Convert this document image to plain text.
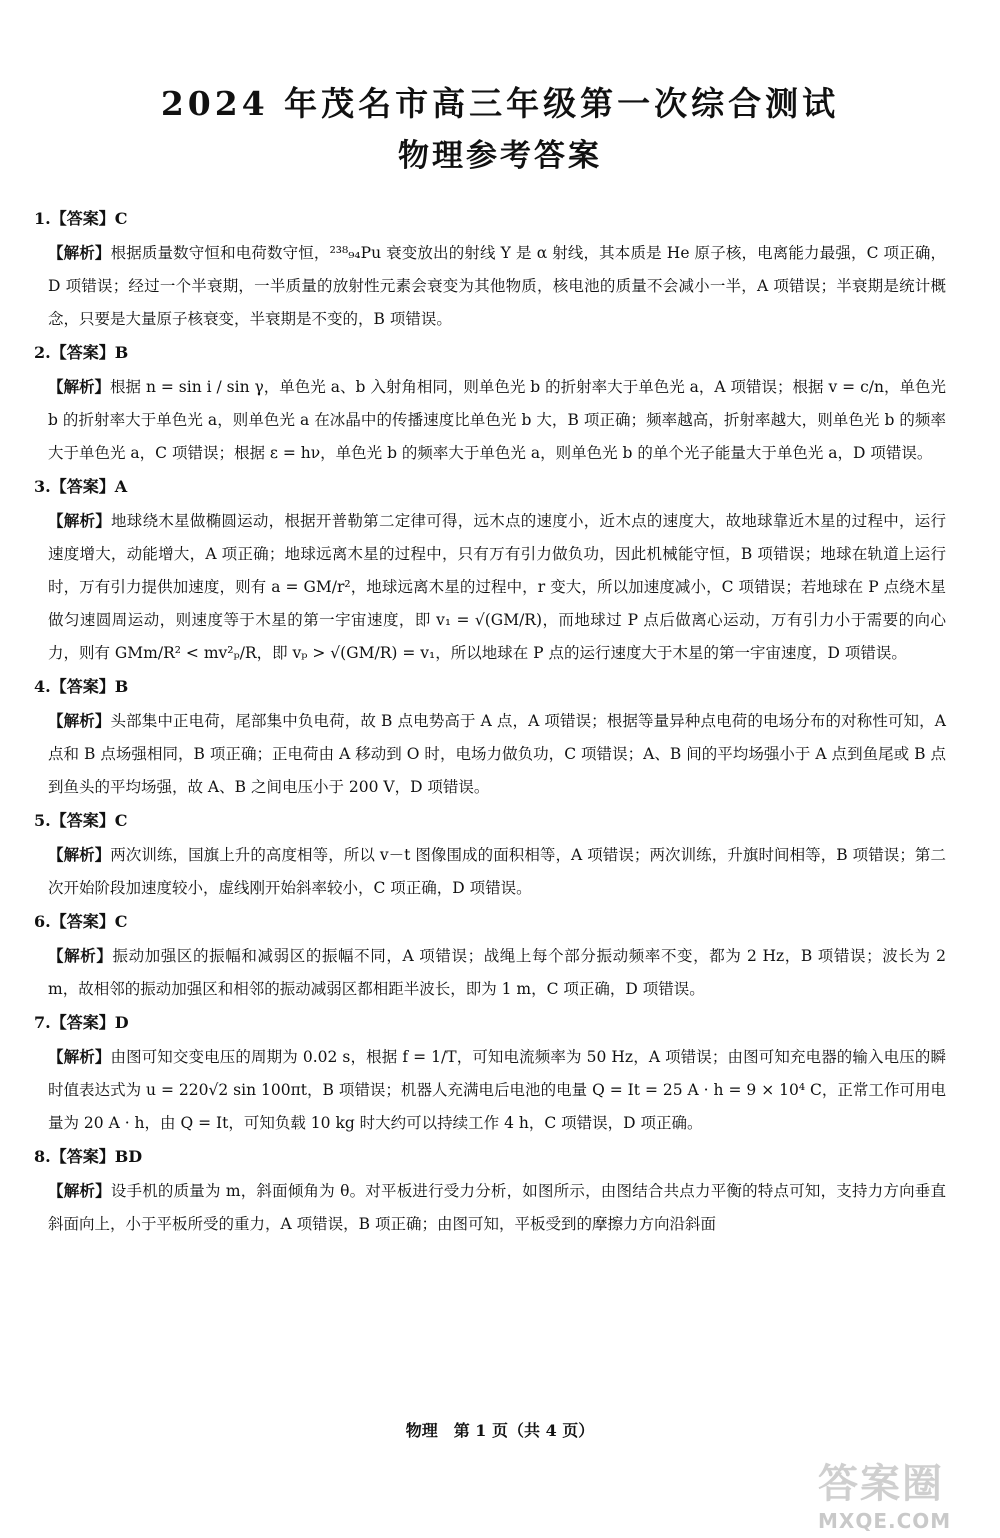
2024 年茂名市高三年级第一次综合测试
物理参考答案
1.【答案】C
【解析】根据质量数守恒和电荷数守恒，²³⁸₉₄Pu 衰变放出的射线 Y 是 α 射线，其本质是 He 原子核，电离能力最强，C 项正确，D 项错误；经过一个半衰期，一半质量的放射性元素会衰变为其他物质，核电池的质量不会减小一半，A 项错误；半衰期是统计概念，只要是大量原子核衰变，半衰期是不变的，B 项错误。
2.【答案】B
【解析】根据 n = sin i / sin γ，单色光 a、b 入射角相同，则单色光 b 的折射率大于单色光 a，A 项错误；根据 v = c/n，单色光 b 的折射率大于单色光 a，则单色光 a 在冰晶中的传播速度比单色光 b 大，B 项正确；频率越高，折射率越大，则单色光 b 的频率大于单色光 a，C 项错误；根据 ε = hν，单色光 b 的频率大于单色光 a，则单色光 b 的单个光子能量大于单色光 a，D 项错误。
3.【答案】A
【解析】地球绕木星做椭圆运动，根据开普勒第二定律可得，远木点的速度小，近木点的速度大，故地球靠近木星的过程中，运行速度增大，动能增大，A 项正确；地球远离木星的过程中，只有万有引力做负功，因此机械能守恒，B 项错误；地球在轨道上运行时，万有引力提供加速度，则有 a = GM/r²，地球远离木星的过程中，r 变大，所以加速度减小，C 项错误；若地球在 P 点绕木星做匀速圆周运动，则速度等于木星的第一宇宙速度，即 v₁ = √(GM/R)，而地球过 P 点后做离心运动，万有引力小于需要的向心力，则有 GMm/R² < mv²ₚ/R，即 vₚ > √(GM/R) = v₁，所以地球在 P 点的运行速度大于木星的第一宇宙速度，D 项错误。
4.【答案】B
【解析】头部集中正电荷，尾部集中负电荷，故 B 点电势高于 A 点，A 项错误；根据等量异种点电荷的电场分布的对称性可知，A 点和 B 点场强相同，B 项正确；正电荷由 A 移动到 O 时，电场力做负功，C 项错误；A、B 间的平均场强小于 A 点到鱼尾或 B 点到鱼头的平均场强，故 A、B 之间电压小于 200 V，D 项错误。
5.【答案】C
【解析】两次训练，国旗上升的高度相等，所以 v－t 图像围成的面积相等，A 项错误；两次训练，升旗时间相等，B 项错误；第二次开始阶段加速度较小，虚线刚开始斜率较小，C 项正确，D 项错误。
6.【答案】C
【解析】振动加强区的振幅和减弱区的振幅不同，A 项错误；战绳上每个部分振动频率不变，都为 2 Hz，B 项错误；波长为 2 m，故相邻的振动加强区和相邻的振动减弱区都相距半波长，即为 1 m，C 项正确，D 项错误。
7.【答案】D
【解析】由图可知交变电压的周期为 0.02 s，根据 f = 1/T，可知电流频率为 50 Hz，A 项错误；由图可知充电器的输入电压的瞬时值表达式为 u = 220√2 sin 100πt，B 项错误；机器人充满电后电池的电量 Q = It = 25 A · h = 9 × 10⁴ C，正常工作可用电量为 20 A · h，由 Q = It，可知负载 10 kg 时大约可以持续工作 4 h，C 项错误，D 项正确。
8.【答案】BD
【解析】设手机的质量为 m，斜面倾角为 θ。对平板进行受力分析，如图所示，由图结合共点力平衡的特点可知，支持力方向垂直斜面向上，小于平板所受的重力，A 项错误，B 项正确；由图可知，平板受到的摩擦力方向沿斜面
物理　第 1 页（共 4 页）
答案圈
MXQE.COM
